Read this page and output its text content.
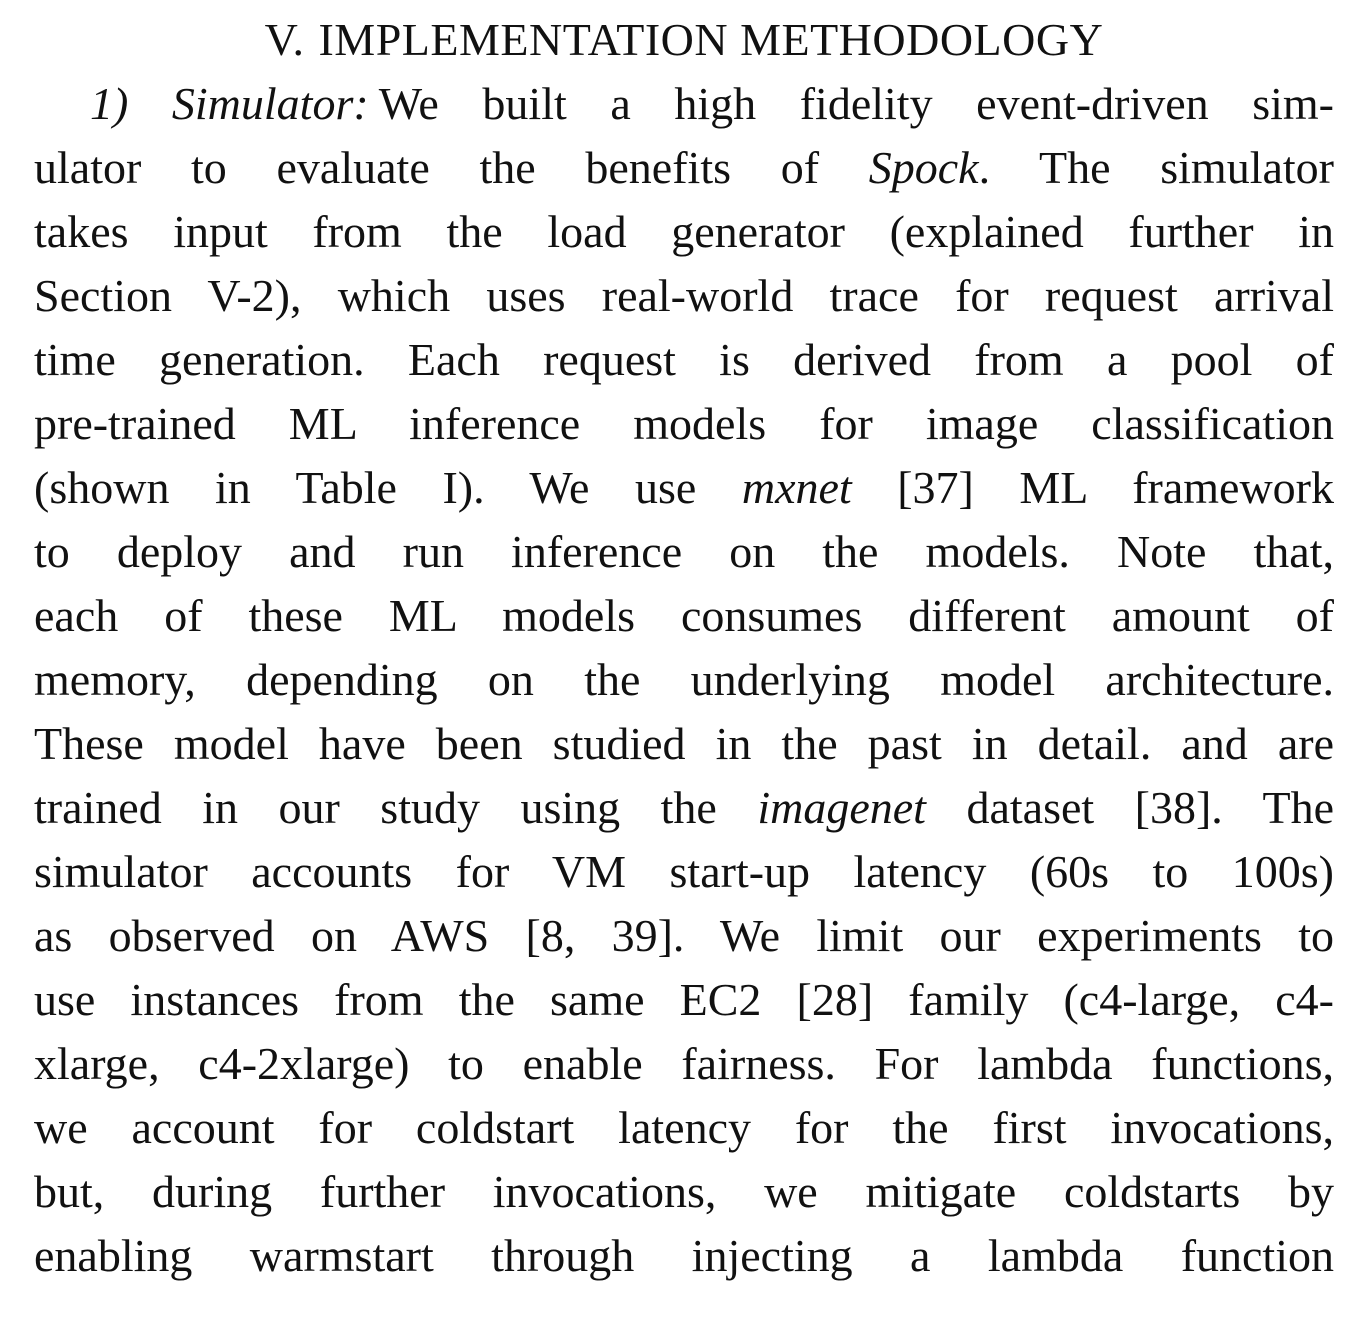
V. IMPLEMENTATION METHODOLOGY
1) Simulator: We built a high fidelity event-driven sim-
ulator to evaluate the benefits of Spock. The simulator
takes input from the load generator (explained further in
Section V-2), which uses real-world trace for request arrival
time generation. Each request is derived from a pool of
pre-trained ML inference models for image classification
(shown in Table I). We use mxnet [37] ML framework
to deploy and run inference on the models. Note that,
each of these ML models consumes different amount of
memory, depending on the underlying model architecture.
These model have been studied in the past in detail. and are
trained in our study using the imagenet dataset [38]. The
simulator accounts for VM start-up latency (60s to 100s)
as observed on AWS [8, 39]. We limit our experiments to
use instances from the same EC2 [28] family (c4-large, c4-
xlarge, c4-2xlarge) to enable fairness. For lambda functions,
we account for coldstart latency for the first invocations,
but, during further invocations, we mitigate coldstarts by
enabling warmstart through injecting a lambda function
